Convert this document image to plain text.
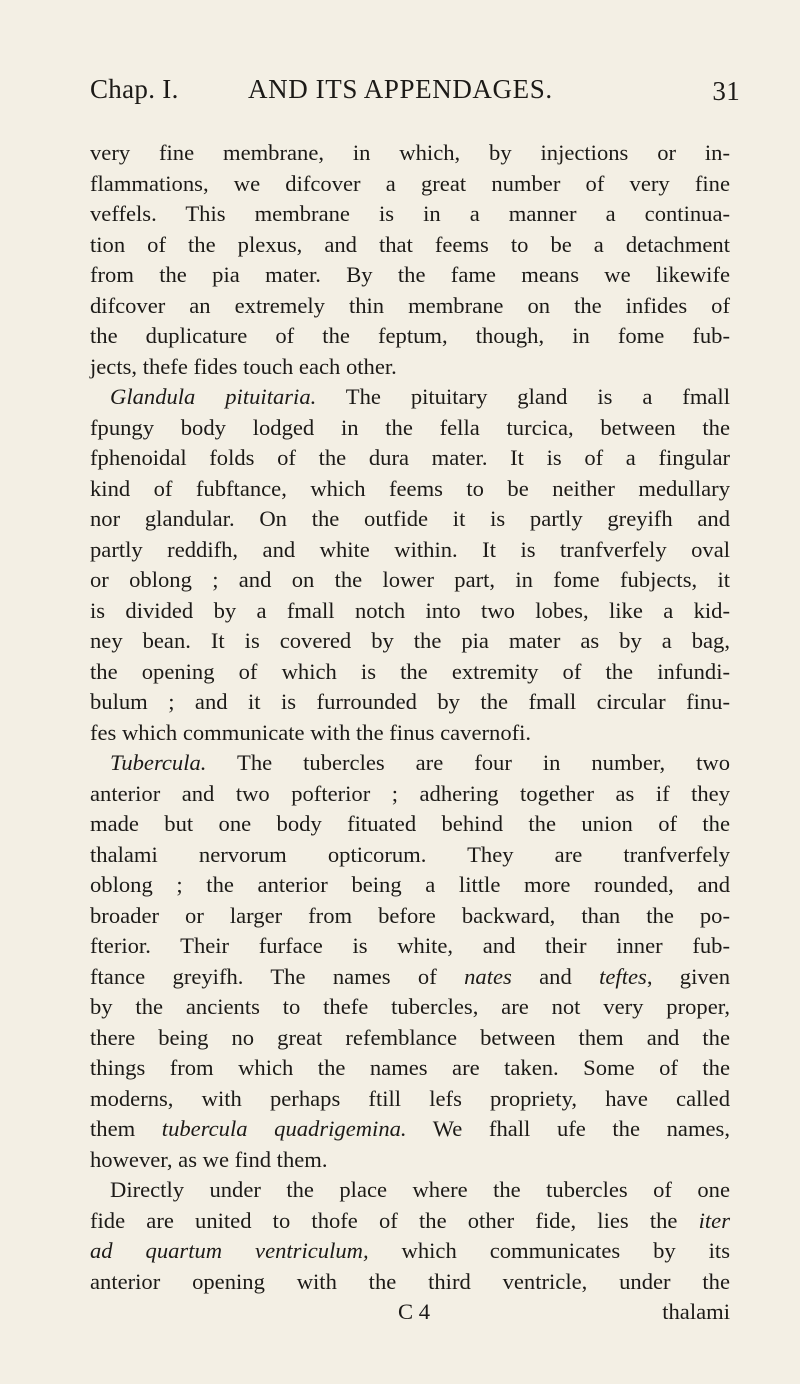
Chap. I.	AND ITS APPENDAGES.	31
very fine membrane, in which, by injections or in-
flammations, we difcover a great number of very fine
veffels. This membrane is in a manner a continua-
tion of the plexus, and that feems to be a detachment
from the pia mater. By the fame means we likewife
difcover an extremely thin membrane on the infides of
the duplicature of the feptum, though, in fome fub-
jects, thefe fides touch each other.
Glandula pituitaria. The pituitary gland is a fmall
fpungy body lodged in the fella turcica, between the
fphenoidal folds of the dura mater. It is of a fingular
kind of fubftance, which feems to be neither medullary
nor glandular. On the outfide it is partly greyifh and
partly reddifh, and white within. It is tranfverfely oval
or oblong ; and on the lower part, in fome fubjects, it
is divided by a fmall notch into two lobes, like a kid-
ney bean. It is covered by the pia mater as by a bag,
the opening of which is the extremity of the infundi-
bulum ; and it is furrounded by the fmall circular finu-
fes which communicate with the finus cavernofi.
Tubercula. The tubercles are four in number, two
anterior and two pofterior ; adhering together as if they
made but one body fituated behind the union of the
thalami nervorum opticorum. They are tranfverfely
oblong ; the anterior being a little more rounded, and
broader or larger from before backward, than the po-
fterior. Their furface is white, and their inner fub-
ftance greyifh. The names of nates and teftes, given
by the ancients to thefe tubercles, are not very proper,
there being no great refemblance between them and the
things from which the names are taken. Some of the
moderns, with perhaps ftill lefs propriety, have called
them tubercula quadrigemina. We fhall ufe the names,
however, as we find them.
Directly under the place where the tubercles of one
fide are united to thofe of the other fide, lies the iter
ad quartum ventriculum, which communicates by its
anterior opening with the third ventricle, under the
C 4	thalami
